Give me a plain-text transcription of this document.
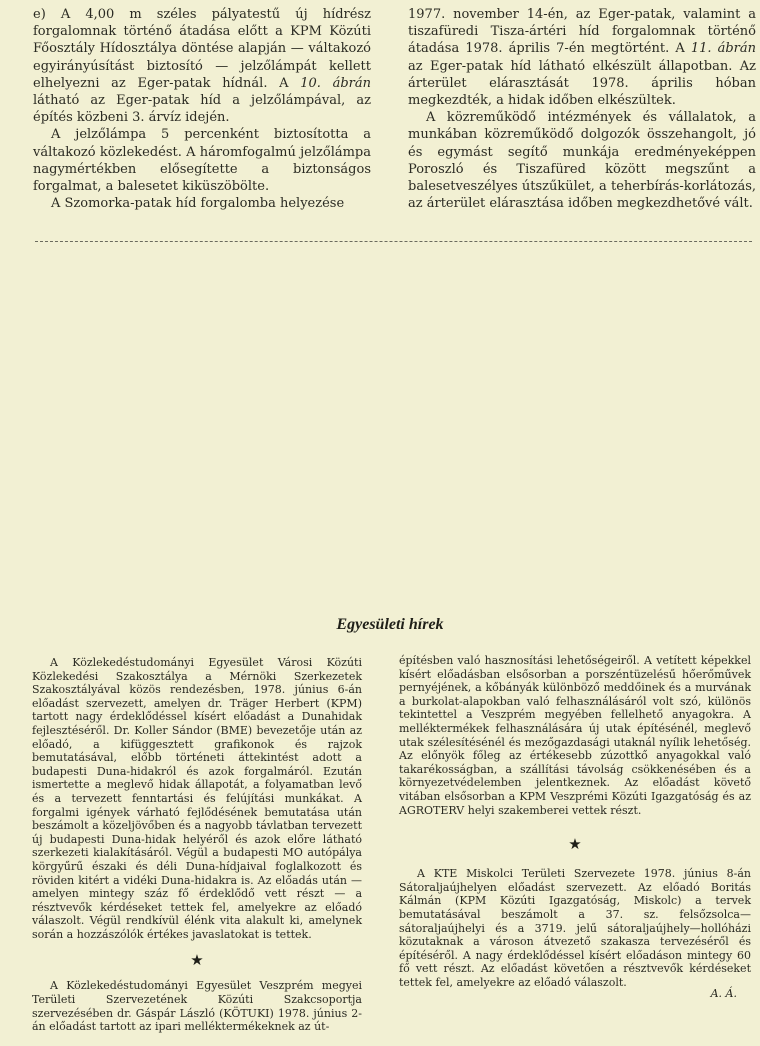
e) A 4,00 m széles pályatestű új hídrész forgalomnak történő átadása előtt a KPM Közúti Főosztály Hídosztálya döntése alapján — váltakozó egyirányúsítást biztosító — jelzőlámpát kellett elhelyezni az Eger-patak hídnál. A 10. ábrán látható az Eger-patak híd a jelzőlámpával, az építés közbeni 3. árvíz idején.

A jelzőlámpa 5 percenként biztosította a váltakozó közlekedést. A háromfogalmú jelzőlámpa nagymértékben elősegítette a biztonságos forgalmat, a balesetet kiküszöbölte.

A Szomorka-patak híd forgalomba helyezése

1977. november 14-én, az Eger-patak, valamint a tiszafüredi Tisza-ártéri híd forgalomnak történő átadása 1978. április 7-én megtörtént. A 11. ábrán az Eger-patak híd látható elkészült állapotban. Az árterület elárasztását 1978. április hóban megkezdték, a hidak időben elkészültek.

A közreműködő intézmények és vállalatok, a munkában közreműködő dolgozók összehangolt, jó és egymást segítő munkája eredményeképpen Poroszló és Tiszafüred között megszűnt a balesetveszélyes útszűkület, a teherbírás-korlátozás, az árterület elárasztása időben megkezdhetővé vált.

Egyesületi hírek

A Közlekedéstudományi Egyesület Városi Közúti Közlekedési Szakosztálya a Mérnöki Szerkezetek Szakosztályával közös rendezésben, 1978. június 6-án előadást szervezett, amelyen dr. Träger Herbert (KPM) tartott nagy érdeklődéssel kísért előadást a Dunahidak fejlesztéséről. Dr. Koller Sándor (BME) bevezetője után az előadó, a kifüggesztett grafikonok és rajzok bemutatásával, előbb történeti áttekintést adott a budapesti Duna-hidakról és azok forgalmáról. Ezután ismertette a meglevő hidak állapotát, a folyamatban levő és a tervezett fenntartási és felújítási munkákat. A forgalmi igények várható fejlődésének bemutatása után beszámolt a közeljövőben és a nagyobb távlatban tervezett új budapesti Duna-hidak helyéről és azok előre látható szerkezeti kialakításáról. Végül a budapesti MO autópálya körgyűrű északi és déli Duna-hídjaival foglalkozott és röviden kitért a vidéki Duna-hidakra is. Az előadás után — amelyen mintegy száz fő érdeklődő vett részt — a résztvevők kérdéseket tettek fel, amelyekre az előadó válaszolt. Végül rendkívül élénk vita alakult ki, amelynek során a hozzászólók értékes javaslatokat is tettek.

★

A Közlekedéstudományi Egyesület Veszprém megyei Területi Szervezetének Közúti Szakcsoportja szervezésében dr. Gáspár László (KÖTUKI) 1978. június 2-án előadást tartott az ipari melléktermékeknek az út-

építésben való hasznosítási lehetőségeiről. A vetített képekkel kísért előadásban elsősorban a porszéntüzelésű hőerőművek pernyéjének, a kőbányák különböző meddőinek és a murvának a burkolat-alapokban való felhasználásáról volt szó, különös tekintettel a Veszprém megyében fellelhető anyagokra. A melléktermékek felhasználására új utak építésénél, meglevő utak szélesítésénél és mezőgazdasági utaknál nyílik lehetőség. Az előnyök főleg az értékesebb zúzottkő anyagokkal való takarékosságban, a szállítási távolság csökkenésében és a környezetvédelemben jelentkeznek. Az előadást követő vitában elsősorban a KPM Veszprémi Közúti Igazgatóság és az AGROTERV helyi szakemberei vettek részt.

★

A KTE Miskolci Területi Szervezete 1978. június 8-án Sátoraljaújhelyen előadást szervezett. Az előadó Boritás Kálmán (KPM Közúti Igazgatóság, Miskolc) a tervek bemutatásával beszámolt a 37. sz. felsőzsolca—sátoraljaújhelyi és a 3719. jelű sátoraljaújhely—hollóházi közutaknak a városon átvezető szakasza tervezéséről és építéséről. A nagy érdeklődéssel kísért előadáson mintegy 60 fő vett részt. Az előadást követően a résztvevők kérdéseket tettek fel, amelyekre az előadó válaszolt.

A. Á.
